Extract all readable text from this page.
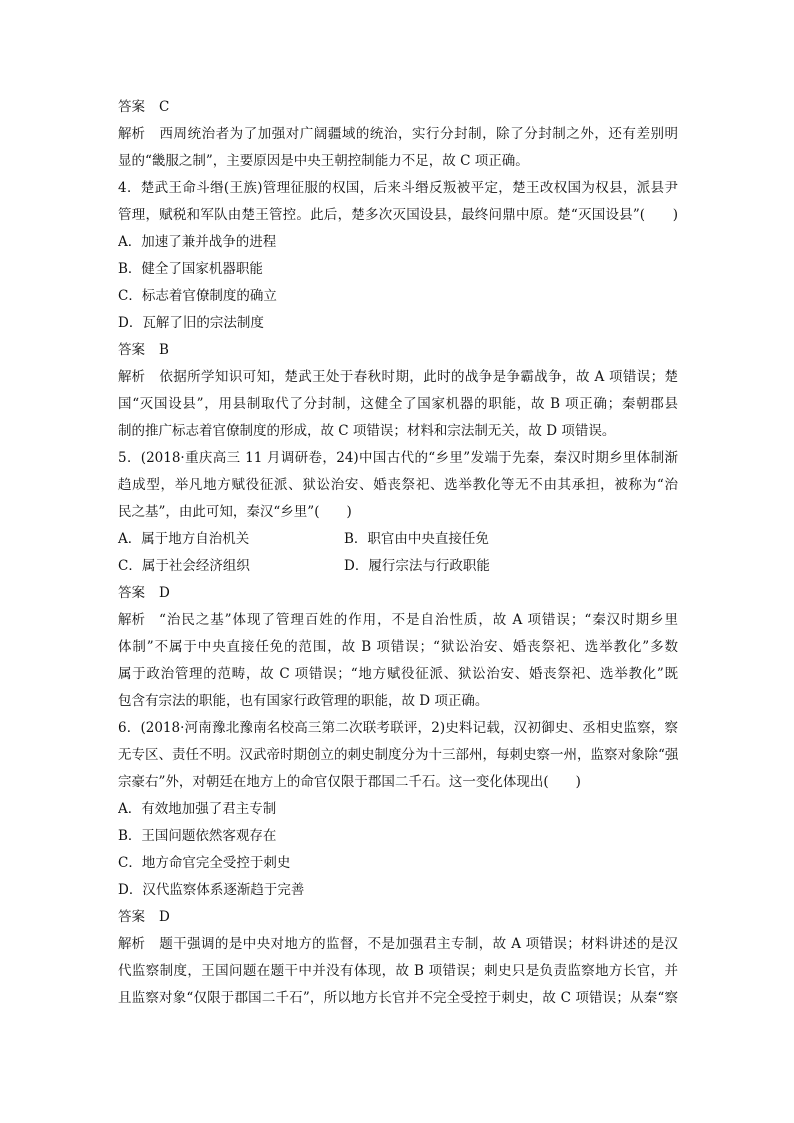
答案 C
解析 西周统治者为了加强对广阔疆域的统治，实行分封制，除了分封制之外，还有差别明
显的“畿服之制”，主要原因是中央王朝控制能力不足，故 C 项正确。
4．楚武王命斗缗(王族)管理征服的权国，后来斗缗反叛被平定，楚王改权国为权县，派县尹
管理，赋税和军队由楚王管控。此后，楚多次灭国设县，最终问鼎中原。楚“灭国设县”(　　)
A．加速了兼并战争的进程
B．健全了国家机器职能
C．标志着官僚制度的确立
D．瓦解了旧的宗法制度
答案 B
解析 依据所学知识可知，楚武王处于春秋时期，此时的战争是争霸战争，故 A 项错误；楚
国“灭国设县”，用县制取代了分封制，这健全了国家机器的职能，故 B 项正确；秦朝郡县
制的推广标志着官僚制度的形成，故 C 项错误；材料和宗法制无关，故 D 项错误。
5．(2018·重庆高三 11 月调研卷，24)中国古代的“乡里”发端于先秦，秦汉时期乡里体制渐
趋成型，举凡地方赋役征派、狱讼治安、婚丧祭祀、选举教化等无不由其承担，被称为“治
民之基”，由此可知，秦汉“乡里”(　　)
A．属于地方自治机关	B．职官由中央直接任免
C．属于社会经济组织	D．履行宗法与行政职能
答案 D
解析 “治民之基”体现了管理百姓的作用，不是自治性质，故 A 项错误；“秦汉时期乡里
体制”不属于中央直接任免的范围，故 B 项错误；“狱讼治安、婚丧祭祀、选举教化”多数
属于政治管理的范畴，故 C 项错误；“地方赋役征派、狱讼治安、婚丧祭祀、选举教化”既
包含有宗法的职能，也有国家行政管理的职能，故 D 项正确。
6．(2018·河南豫北豫南名校高三第二次联考联评，2)史料记载，汉初御史、丞相史监察，察
无专区、责任不明。汉武帝时期创立的刺史制度分为十三部州，每刺史察一州，监察对象除“强
宗豪右”外，对朝廷在地方上的命官仅限于郡国二千石。这一变化体现出(　　)
A．有效地加强了君主专制
B．王国问题依然客观存在
C．地方命官完全受控于刺史
D．汉代监察体系逐渐趋于完善
答案 D
解析 题干强调的是中央对地方的监督，不是加强君主专制，故 A 项错误；材料讲述的是汉
代监察制度，王国问题在题干中并没有体现，故 B 项错误；刺史只是负责监察地方长官，并
且监察对象“仅限于郡国二千石”，所以地方长官并不完全受控于刺史，故 C 项错误；从秦“察
